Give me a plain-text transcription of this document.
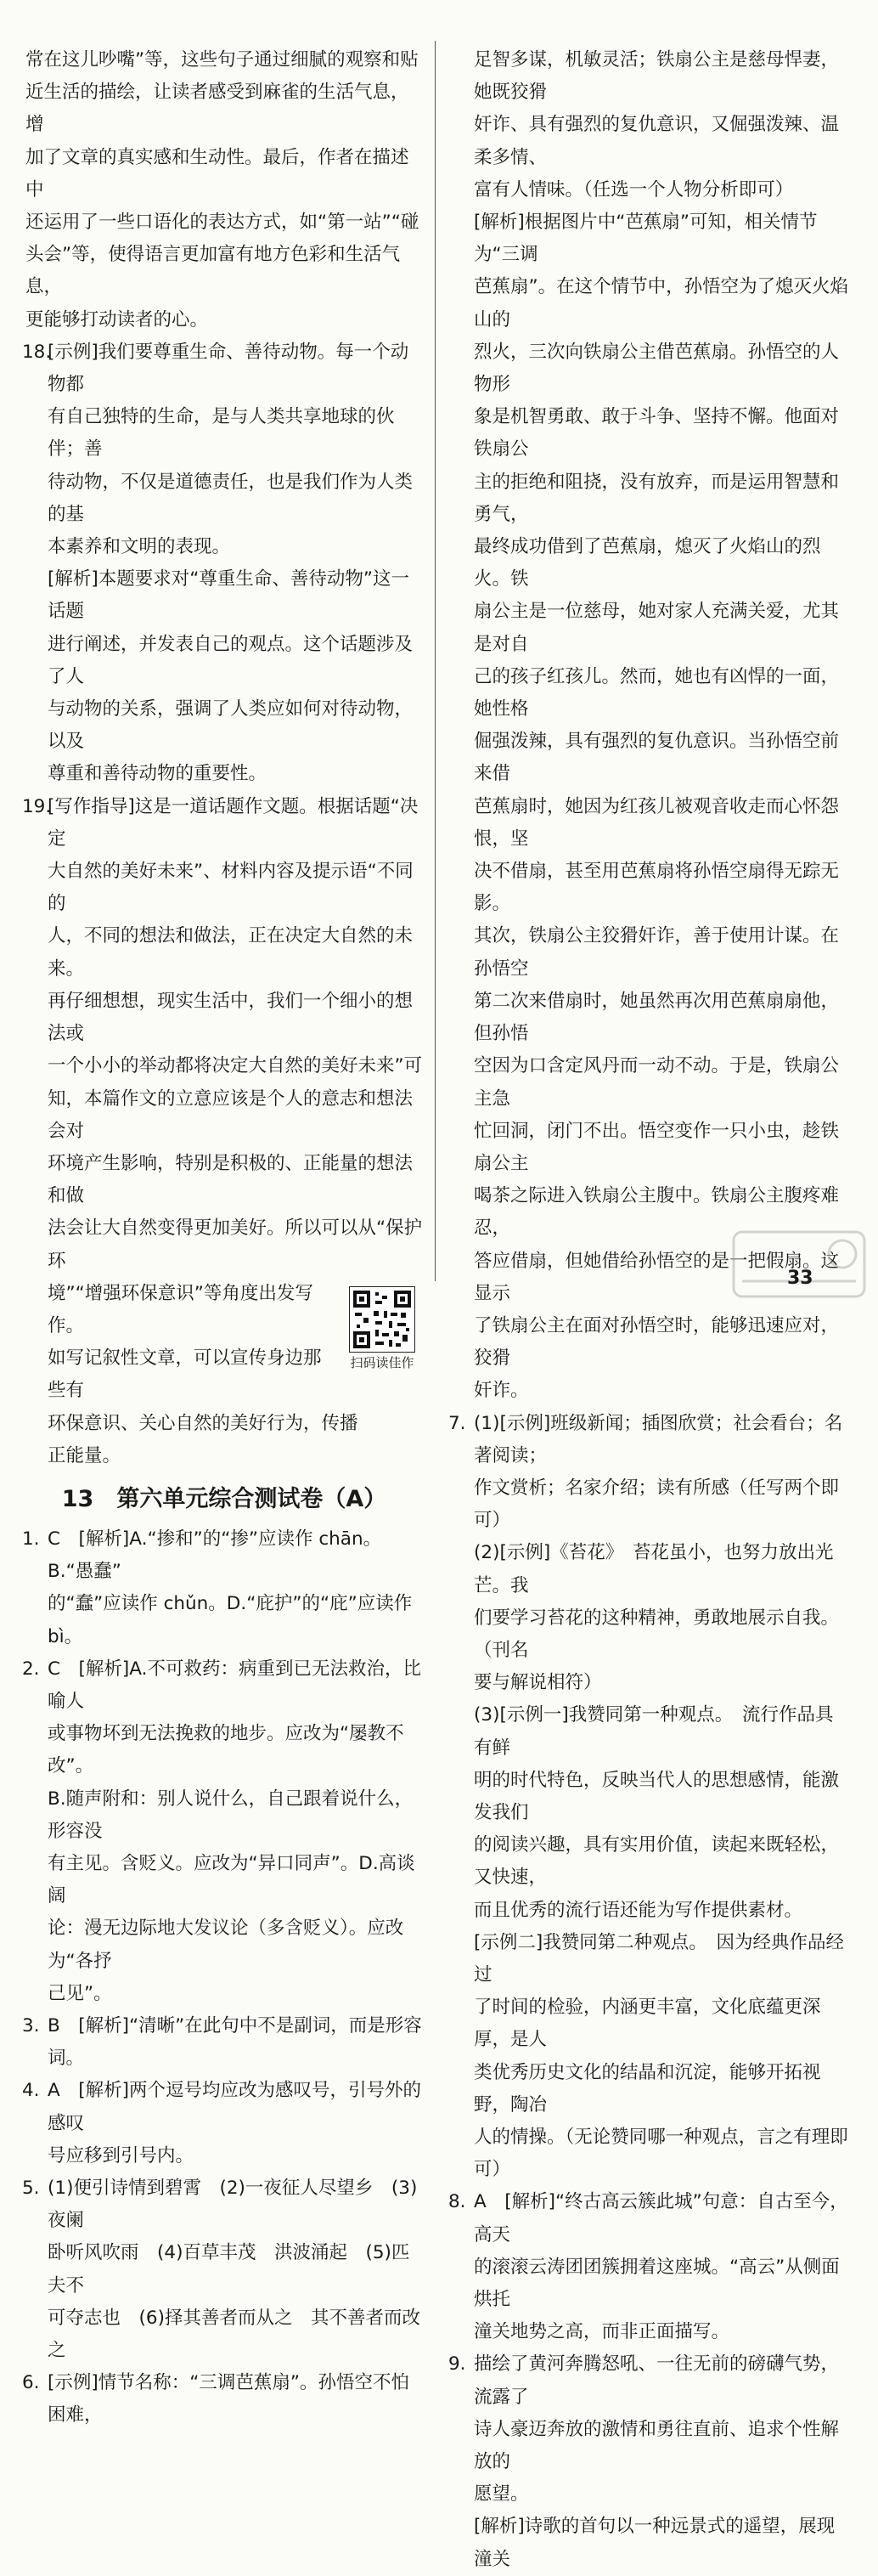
常在这儿吵嘴”等，这些句子通过细腻的观察和贴

近生活的描绘，让读者感受到麻雀的生活气息，增

加了文章的真实感和生动性。最后，作者在描述中

还运用了一些口语化的表达方式，如“第一站”“碰

头会”等，使得语言更加富有地方色彩和生活气息，

更能够打动读者的心。

18.

[示例]我们要尊重生命、善待动物。每一个动物都

有自己独特的生命，是与人类共享地球的伙伴；善

待动物，不仅是道德责任，也是我们作为人类的基

本素养和文明的表现。

[解析]本题要求对“尊重生命、善待动物”这一话题

进行阐述，并发表自己的观点。这个话题涉及了人

与动物的关系，强调了人类应如何对待动物，以及

尊重和善待动物的重要性。

19.

[写作指导]这是一道话题作文题。根据话题“决定

大自然的美好未来”、材料内容及提示语“不同的

人，不同的想法和做法，正在决定大自然的未来。

再仔细想想，现实生活中，我们一个细小的想法或

一个小小的举动都将决定大自然的美好未来”可

知，本篇作文的立意应该是个人的意志和想法会对

环境产生影响，特别是积极的、正能量的想法和做

法会让大自然变得更加美好。所以可以从“保护环

扫码读佳作

境”“增强环保意识”等角度出发写作。

如写记叙性文章，可以宣传身边那些有

环保意识、关心自然的美好行为，传播

正能量。

13　第六单元综合测试卷（A）
1. C　[解析]A.“掺和”的“掺”应读作 chān。B.“愚蠢”

的“蠢”应读作 chǔn。D.“庇护”的“庇”应读作 bì。

2. C　[解析]A.不可救药：病重到已无法救治，比喻人

或事物坏到无法挽救的地步。应改为“屡教不改”。

B.随声附和：别人说什么，自己跟着说什么，形容没

有主见。含贬义。应改为“异口同声”。D.高谈阔

论：漫无边际地大发议论（多含贬义）。应改为“各抒

己见”。

3. B　[解析]“清晰”在此句中不是副词，而是形容词。

4. A　[解析]两个逗号均应改为感叹号，引号外的感叹

号应移到引号内。

5. (1)便引诗情到碧霄　(2)一夜征人尽望乡　(3)夜阑

卧听风吹雨　(4)百草丰茂　洪波涌起　(5)匹夫不

可夺志也　(6)择其善者而从之　其不善者而改之

6. [示例]情节名称：“三调芭蕉扇”。孙悟空不怕困难，

足智多谋，机敏灵活；铁扇公主是慈母悍妻，她既狡猾

奸诈、具有强烈的复仇意识，又倔强泼辣、温柔多情、

富有人情味。（任选一个人物分析即可）

[解析]根据图片中“芭蕉扇”可知，相关情节为“三调

芭蕉扇”。在这个情节中，孙悟空为了熄灭火焰山的

烈火，三次向铁扇公主借芭蕉扇。孙悟空的人物形

象是机智勇敢、敢于斗争、坚持不懈。他面对铁扇公

主的拒绝和阻挠，没有放弃，而是运用智慧和勇气，

最终成功借到了芭蕉扇，熄灭了火焰山的烈火。铁

扇公主是一位慈母，她对家人充满关爱，尤其是对自

己的孩子红孩儿。然而，她也有凶悍的一面，她性格

倔强泼辣，具有强烈的复仇意识。当孙悟空前来借

芭蕉扇时，她因为红孩儿被观音收走而心怀怨恨，坚

决不借扇，甚至用芭蕉扇将孙悟空扇得无踪无影。

其次，铁扇公主狡猾奸诈，善于使用计谋。在孙悟空

第二次来借扇时，她虽然再次用芭蕉扇扇他，但孙悟

空因为口含定风丹而一动不动。于是，铁扇公主急

忙回洞，闭门不出。悟空变作一只小虫，趁铁扇公主

喝茶之际进入铁扇公主腹中。铁扇公主腹疼难忍，

答应借扇，但她借给孙悟空的是一把假扇。这显示

了铁扇公主在面对孙悟空时，能够迅速应对，狡猾

奸诈。

7. (1)[示例]班级新闻；插图欣赏；社会看台；名著阅读；

作文赏析；名家介绍；读有所感（任写两个即可）

(2)[示例]《苔花》　苔花虽小，也努力放出光芒。我

们要学习苔花的这种精神，勇敢地展示自我。（刊名

要与解说相符）

(3)[示例一]我赞同第一种观点。　流行作品具有鲜

明的时代特色，反映当代人的思想感情，能激发我们

的阅读兴趣，具有实用价值，读起来既轻松，又快速，

而且优秀的流行语还能为写作提供素材。

[示例二]我赞同第二种观点。　因为经典作品经过

了时间的检验，内涵更丰富，文化底蕴更深厚，是人

类优秀历史文化的结晶和沉淀，能够开拓视野，陶冶

人的情操。（无论赞同哪一种观点，言之有理即可）

8. A　[解析]“终古高云簇此城”句意：自古至今，高天

的滚滚云涛团团簇拥着这座城。“高云”从侧面烘托

潼关地势之高，而非正面描写。

9. 描绘了黄河奔腾怒吼、一往无前的磅礴气势，流露了

诗人豪迈奔放的激情和勇往直前、追求个性解放的

愿望。

[解析]诗歌的首句以一种远景式的遥望，展现潼关

33
